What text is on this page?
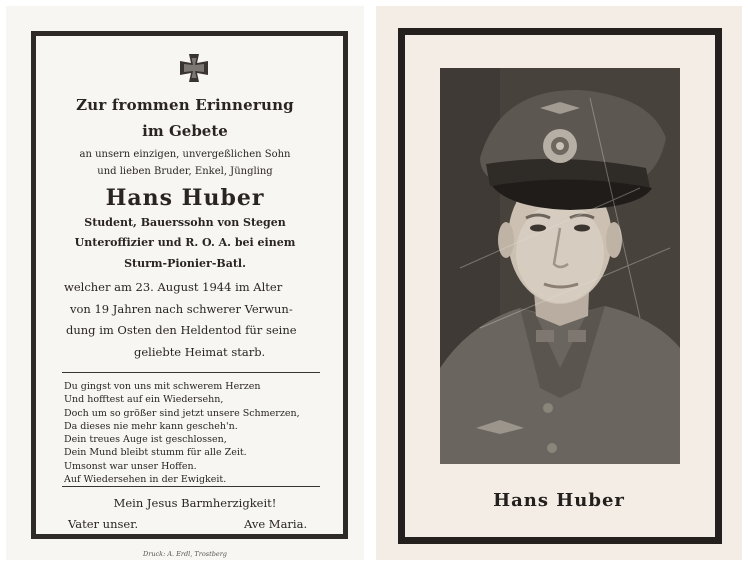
Zur frommen Erinnerung
im Gebete
an unsern einzigen, unvergeßlichen Sohn
und lieben Bruder, Enkel, Jüngling
Hans Huber
Student, Bauerssohn von Stegen
Unteroffizier und R. O. A. bei einem
Sturm-Pionier-Batl.
welcher am 23. August 1944 im Alter
von 19 Jahren nach schwerer Verwun-
dung im Osten den Heldentod für seine
geliebte Heimat starb.
Du gingst von uns mit schwerem Herzen
Und hofftest auf ein Wiedersehn,
Doch um so größer sind jetzt unsere Schmerzen,
Da dieses nie mehr kann gescheh'n.
Dein treues Auge ist geschlossen,
Dein Mund bleibt stumm für alle Zeit.
Umsonst war unser Hoffen.
Auf Wiedersehen in der Ewigkeit.
Mein Jesus Barmherzigkeit!
Vater unser.	Ave Maria.
Druck: A. Erdl, Trostberg
Hans Huber
